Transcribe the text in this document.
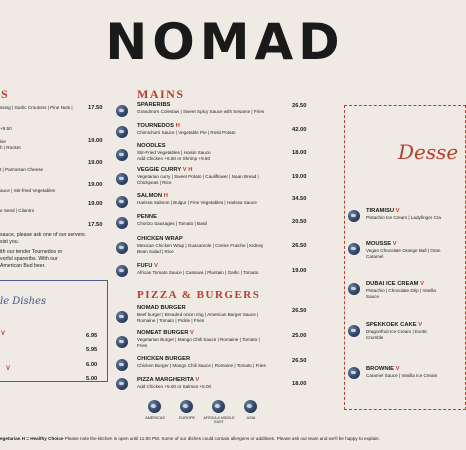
NOMAD
S
ssing | Garlic Croutons | Pine Nuts |	17.50
+9.50
ise	19.00
h | Rocket
19.00
t | Parmesan Cheese
19.00
auce | Stir-fried Vegetables
19.00
e Seed | Cilantro
17.50
sauce, please ask one of our servers.
sist you.
ith our tender Tournedos or
vorful spareribs. With our
American Bud beer.
le Dishes
V
V
6.95
5.95
6.00
5.00
MAINS
SPARERIBS
Grandma's Coleslaw | Sweet Spicy Sauce with Sesame | Fries
26.50
TOURNEDOS H
Chimichurri Sauce | Vegetable Pie | Rosti Potato	42.00
NOODLES
Stir-Fried Vegetables | Hoisin Sauce
Add Chicken +6.50 or Shrimp +9.50
18.00
VEGGIE CURRY V H
Vegetarian curry | Sweet Potato | Cauliflower | Naan Bread |
Chickpeas | Rice
19.00
SALMON H
Harissa Salmon | Bulgur | Fine Vegetables | Harissa Sauce
34.50
PENNE
Chorizo Sausages | Tomato | Basil	20.50
CHICKEN WRAP
Mexican Chicken Wrap | Guacamole | Creme Fraiche | Kidney
Bean Salad | Rice
26.50
FUFU V
African Tomato Sauce | Cassava | Plantain | Garlic | Tomato	19.00
PIZZA & BURGERS
NOMAD BURGER
Beef burger | Breaded onion ring | American Burger Sauce |
Romaine | Tomato | Pickle | Fries
26.50
NOMEAT BURGER V
Vegetarian Burger | Mango Chili Sauce | Romaine | Tomato |
Fries
25.00
CHICKEN BURGER
Chicken Burger | Mango Chili Sauce | Romaine | Tomato | Fries
26.50
PIZZA MARGHERITA V
Add Chicken +5.00 or Salmon +5.00	18.00
AMERICAS	EUROPE	AFRICA & MIDDLE EAST
ASIA
Desse
TIRAMISU V
Pistachio Ice Cream | Ladyfinger Cra
MOUSSE V
Vegan Chocolate Orange Ball | Oran
Caramel
DUBAI ICE CREAM V
Pistachio | Chocolate Drip | Vanilla
Sauce
SPEKKOEK CAKE V
Dragonfruit Ice Cream | Exotic
Crumble
BROWNIE V
Caramel Sauce | Vanilla Ice Cream
egetarian H = Healthy Choice Please note the kitchen is open until 11:00 PM. Some of our dishes could contain allergens or additives. Please ask our team and we'll be happy to explain.
